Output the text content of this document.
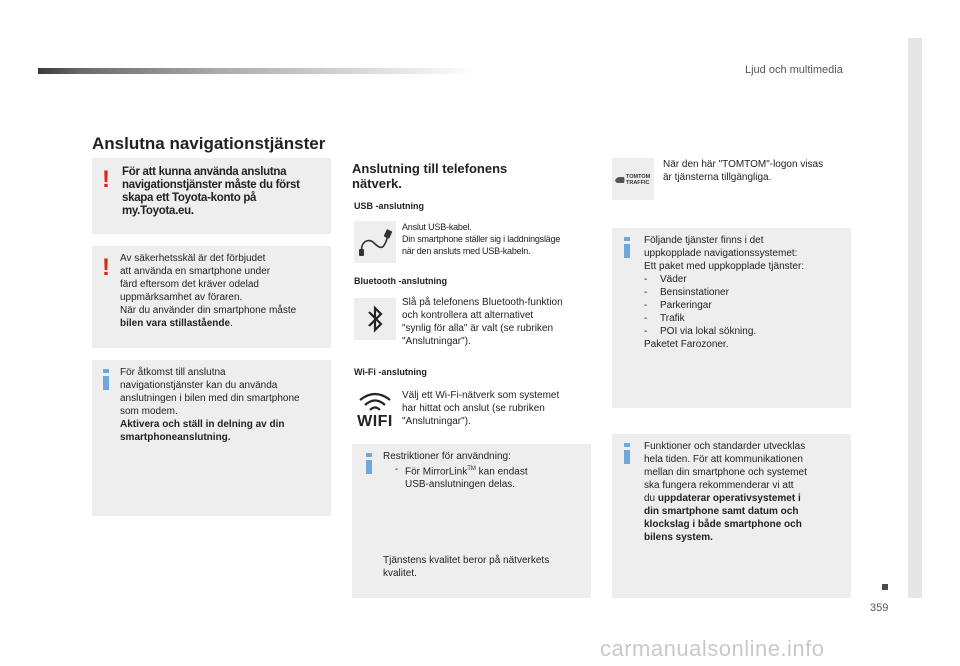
Ljud och multimedia
359
carmanualsonline.info
Anslutna navigationstjänster
! För att kunna använda anslutna navigationstjänster måste du först skapa ett Toyota-konto på my.Toyota.eu.
! Av säkerhetsskäl är det förbjudet
att använda en smartphone under
färd eftersom det kräver odelad
uppmärksamhet av föraren.
När du använder din smartphone måste
bilen vara stillastående.
För åtkomst till anslutna
navigationstjänster kan du använda
anslutningen i bilen med din smartphone
som modem.
Aktivera och ställ in delning av din
smartphoneanslutning.
Anslutning till telefonens
nätverk.
USB -anslutning
Anslut USB-kabel.
Din smartphone ställer sig i laddningsläge
när den ansluts med USB-kabeln.
Bluetooth -anslutning
Slå på telefonens Bluetooth-funktion
och kontrollera att alternativet
"synlig för alla" är valt (se rubriken
"Anslutningar").
Wi-Fi -anslutning
WIFI
Välj ett Wi-Fi-nätverk som systemet
har hittat och anslut (se rubriken
"Anslutningar").
Restriktioner för användning:
- För MirrorLink™ kan endast
USB-anslutningen delas.
Tjänstens kvalitet beror på nätverkets
kvalitet.
TOMTOM
TRAFFIC
När den här "TOMTOM"-logon visas
är tjänsterna tillgängliga.
Följande tjänster finns i det
uppkopplade navigationssystemet:
Ett paket med uppkopplade tjänster:
- Väder
- Bensinstationer
- Parkeringar
- Trafik
- POI via lokal sökning.
Paketet Farozoner.
Funktioner och standarder utvecklas
hela tiden. För att kommunikationen
mellan din smartphone och systemet
ska fungera rekommenderar vi att
du uppdaterar operativsystemet i
din smartphone samt datum och
klockslag i både smartphone och
bilens system.
